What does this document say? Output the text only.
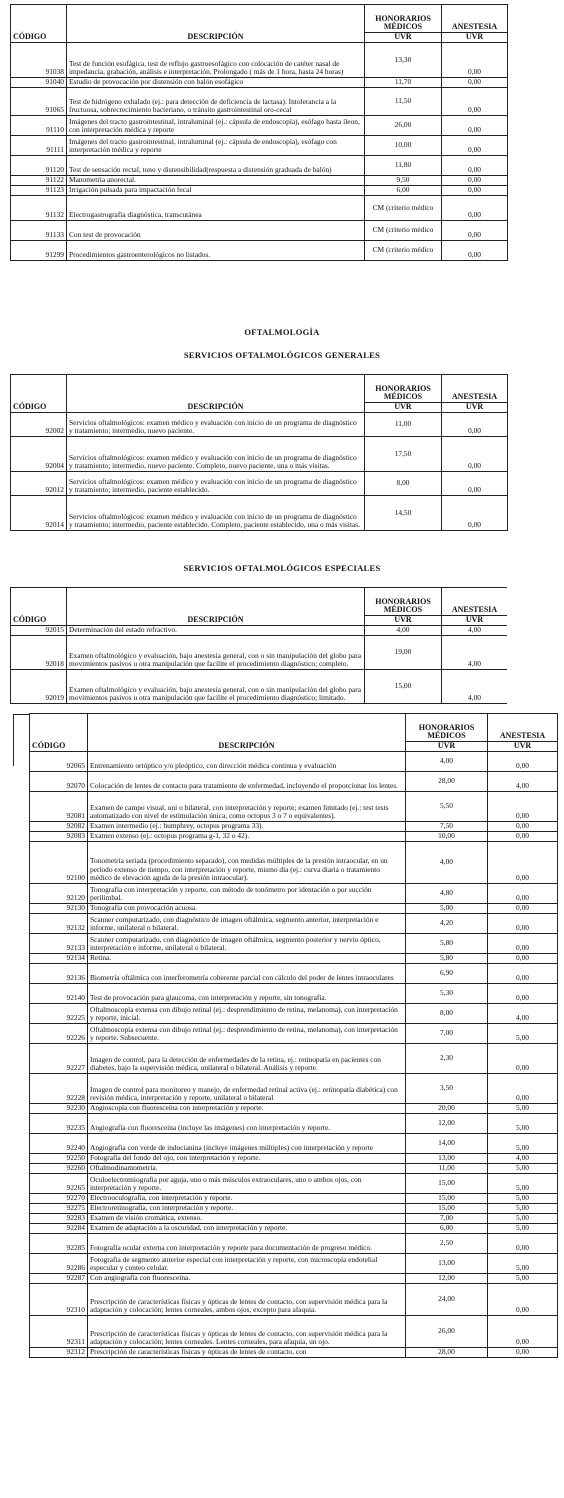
CÓDIGO	DESCRIPCIÓN	HONORARIOS
MÉDICOS	ANESTESIA
		UVR	UVR
91038	Test de función esofágica, test de reflujo gastroesofágico con colocación de catéter nasal de impedancia, grabación, análisis e interpretación. Prolongado ( más de 1 hora, hasta 24 horas)	13,30	0,00
91040	Estudio de provocación por distensión con balón esofágico	11,70	0,00
91065	Test de hidrógeno exhalado (ej.: para detección de deficiencia de lactasa). Intolerancia a la fructuosa, sobrecrecimiento bacteriano, o tránsito gastrointestinal oro-cecal	11,50	0,00
91110	Imágenes del tracto gastrointestinal, intraluminal (ej.: cápsula de endoscopía), esófago hasta íleon, con interpretación médica y reporte	26,00	0,00
91111	Imágenes del tracto gastrointestinal, intraluminal (ej.: cápsula de endoscopía), esófago con interpretación médica y reporte	10,00	0,00
91120	Test de sensación rectal, tono y distensibilidad(respuesta a distensión graduada de balón)	11,80	0,00
91122	Manometría anorectal.	9,50	0,00
91123	Irrigación pulsada para impactación fecal	6,00	0,00
91132	Electrogastrografía diagnóstica, transcutánea	CM (criterio médico	0,00
91133	Con test de provocación	CM (criterio médico	0,00
91299	Procedimientos gastroenterológicos no listados.	CM (criterio médico	0,00
OFTALMOLOGÍA
SERVICIOS OFTALMOLÓGICOS GENERALES
CÓDIGO	DESCRIPCIÓN	HONORARIOS
MÉDICOS	ANESTESIA
		UVR	UVR
92002	Servicios oftalmológicos: examen médico y evaluación con inicio de un programa de diagnóstico y tratamiento; intermedio, nuevo paciente.	11,00	0,00
92004	Servicios oftalmológicos: examen médico y evaluación con inicio de un programa de diagnóstico y tratamiento; intermedio, nuevo paciente. Completo, nuevo paciente, una o más visitas.	17,50	0,00
92012	Servicios oftalmológicos: examen médico y evaluación con inicio de un programa de diagnóstico y tratamiento; intermedio, paciente establecido.	8,00	0,00
92014	Servicios oftalmológicos: examen médico y evaluación con inicio de un programa de diagnóstico y tratamiento; intermedio, paciente establecido. Completo, paciente establecido, una o más visitas.	14,50	0,00
SERVICIOS OFTALMOLÓGICOS ESPECIALES
CÓDIGO	DESCRIPCIÓN	HONORARIOS
MÉDICOS	ANESTESIA
		UVR	UVR
92015	Determinación del estado refractivo.	4,00	4,00
92018	Examen oftalmológico y evaluación, bajo anestesia general, con o sin manipulación del globo para movimientos pasivos u otra manipulación que facilite el procedimiento diagnóstico; completo.	19,00	4,00
92019	Examen oftalmológico y evaluación, bajo anestesia general, con o sin manipulación del globo para movimientos pasivos u otra manipulación que facilite el procedimiento diagnóstico; limitado.	15,00	4,00
CÓDIGO	DESCRIPCIÓN	HONORARIOS
MÉDICOS	ANESTESIA
		UVR	UVR
92065	Entrenamiento ortóptico y/o pleóptico, con dirección médica continua y evaluación	4,00	0,00
92070	Colocación de lentes de contacto para tratamiento de enfermedad, incluyendo el proporcionar los lentes.	28,00	4,00
92081	Examen de campo visual, uni o bilateral, con interpretación y reporte; examen limitado (ej.: test tests automatizado con nivel de estimulación única, como octopus 3 o 7 o equivalentes).	5,50	0,00
92082	Examen intermedio (ej.: humphrey, octopus programa 33).	7,50	0,00
92083	Examen extenso (ej.: octopus programa g-1, 32 o 42).	10,00	0,00
92100	Tonometría seriada (procedimiento separado), con medidas múltiples de la presión intraocular, en un período extenso de tiempo, con interpretación y reporte, mismo día (ej.: curva diaria o tratamiento médico de elevación aguda de la presión intraocular).	4,00	0,00
92120	Tonografía con interpretación y reporte, con método de tonómetro por identación o por succión perilimbal.	4,80	0,00
92130	Tonografía con provocación acuosa.	5,00	0,00
92132	Scanner computarizado, con diagnóstico de imagen oftálmica, segmento anterior, interpretación e informe, unilateral o bilateral.	4,20	0,00
92133	Scanner computarizado, con diagnóstico de imagen oftálmica, segmento posterior y nervio óptico, interpretación e informe, unilateral o bilateral.	5,80	0,00
92134	Retina.	5,80	0,00
92136	Biometría oftálmica con interferometría coherente parcial con cálculo del poder de lentes intraoculares	6,90	0,00
92140	Test de provocación para glaucoma, con interpretación y reporte, sin tonografía.	5,30	0,00
92225	Oftalmoscopía extensa con dibujo retinal (ej.: desprendimiento de retina, melanoma), con interpretación y reporte, inicial.	8,00	4,00
92226	Oftalmoscopía extensa con dibujo retinal (ej.: desprendimiento de retina, melanoma), con interpretación y reporte. Subsecuente.	7,00	5,00
92227	Imagen de control, para la detección de enfermedades de la retina, ej.: retinopatía en pacientes con diabetes, bajo la supervisión médica, unilateral o bilateral. Análisis y reporte.	2,30	0,00
92228	Imagen de control para monitoreo y manejo, de enfermedad retinal activa (ej.: retinopatía diabética) con revisión médica, interpretación y reporte, unilateral o bilateral	3,50	0,00
92230	Angioscopía con fluoresceína con interpretación y reporte.	20,00	5,00
92235	Angiografía con fluoresceína (incluye las imágenes) con interpretación y reporte.	12,00	5,00
92240	Angiografía con verde de indocianina (incluye imágenes múltiples) con interpretación y reporte	14,00	5,00
92250	Fotografía del fondo del ojo, con interpretación y reporte.	13,00	4,00
92260	Oftalmodinamometría.	11,00	5,00
92265	Oculoelectromiografía por aguja, uno o más músculos extraoculares, uno o ambos ojos, con interpretación y reporte.	15,00	5,00
92270	Electrooculografía, con interpretación y reporte.	15,00	5,00
92275	Electroretinografía, con interpretación y reporte.	15,00	5,00
92283	Examen de visión cromática, extenso.	7,00	5,00
92284	Examen de adaptación a la oscuridad, con interpretación y reporte.	6,00	5,00
92285	Fotografía ocular externa con interpretación y reporte para documentación de progreso médico.	2,50	0,00
92286	Fotografía de segmento anterior especial con interpretación y reporte, con microscopía endotelial especular y conteo celular.	13,00	5,00
92287	Con angiografía con fluoresceína.	12,00	5,00
92310	Prescripción de características físicas y ópticas de lentes de contacto, con supervisión médica para la adaptación y colocación; lentes corneales, ambos ojos, excepto para afaquia.	24,00	0,00
92311	Prescripción de características físicas y ópticas de lentes de contacto, con supervisión médica para la adaptación y colocación; lentes corneales. Lentes corneales, para afaquia, un ojo.	26,00	0,00
92312	Prescripción de características físicas y ópticas de lentes de contacto, con	28,00	0,00
